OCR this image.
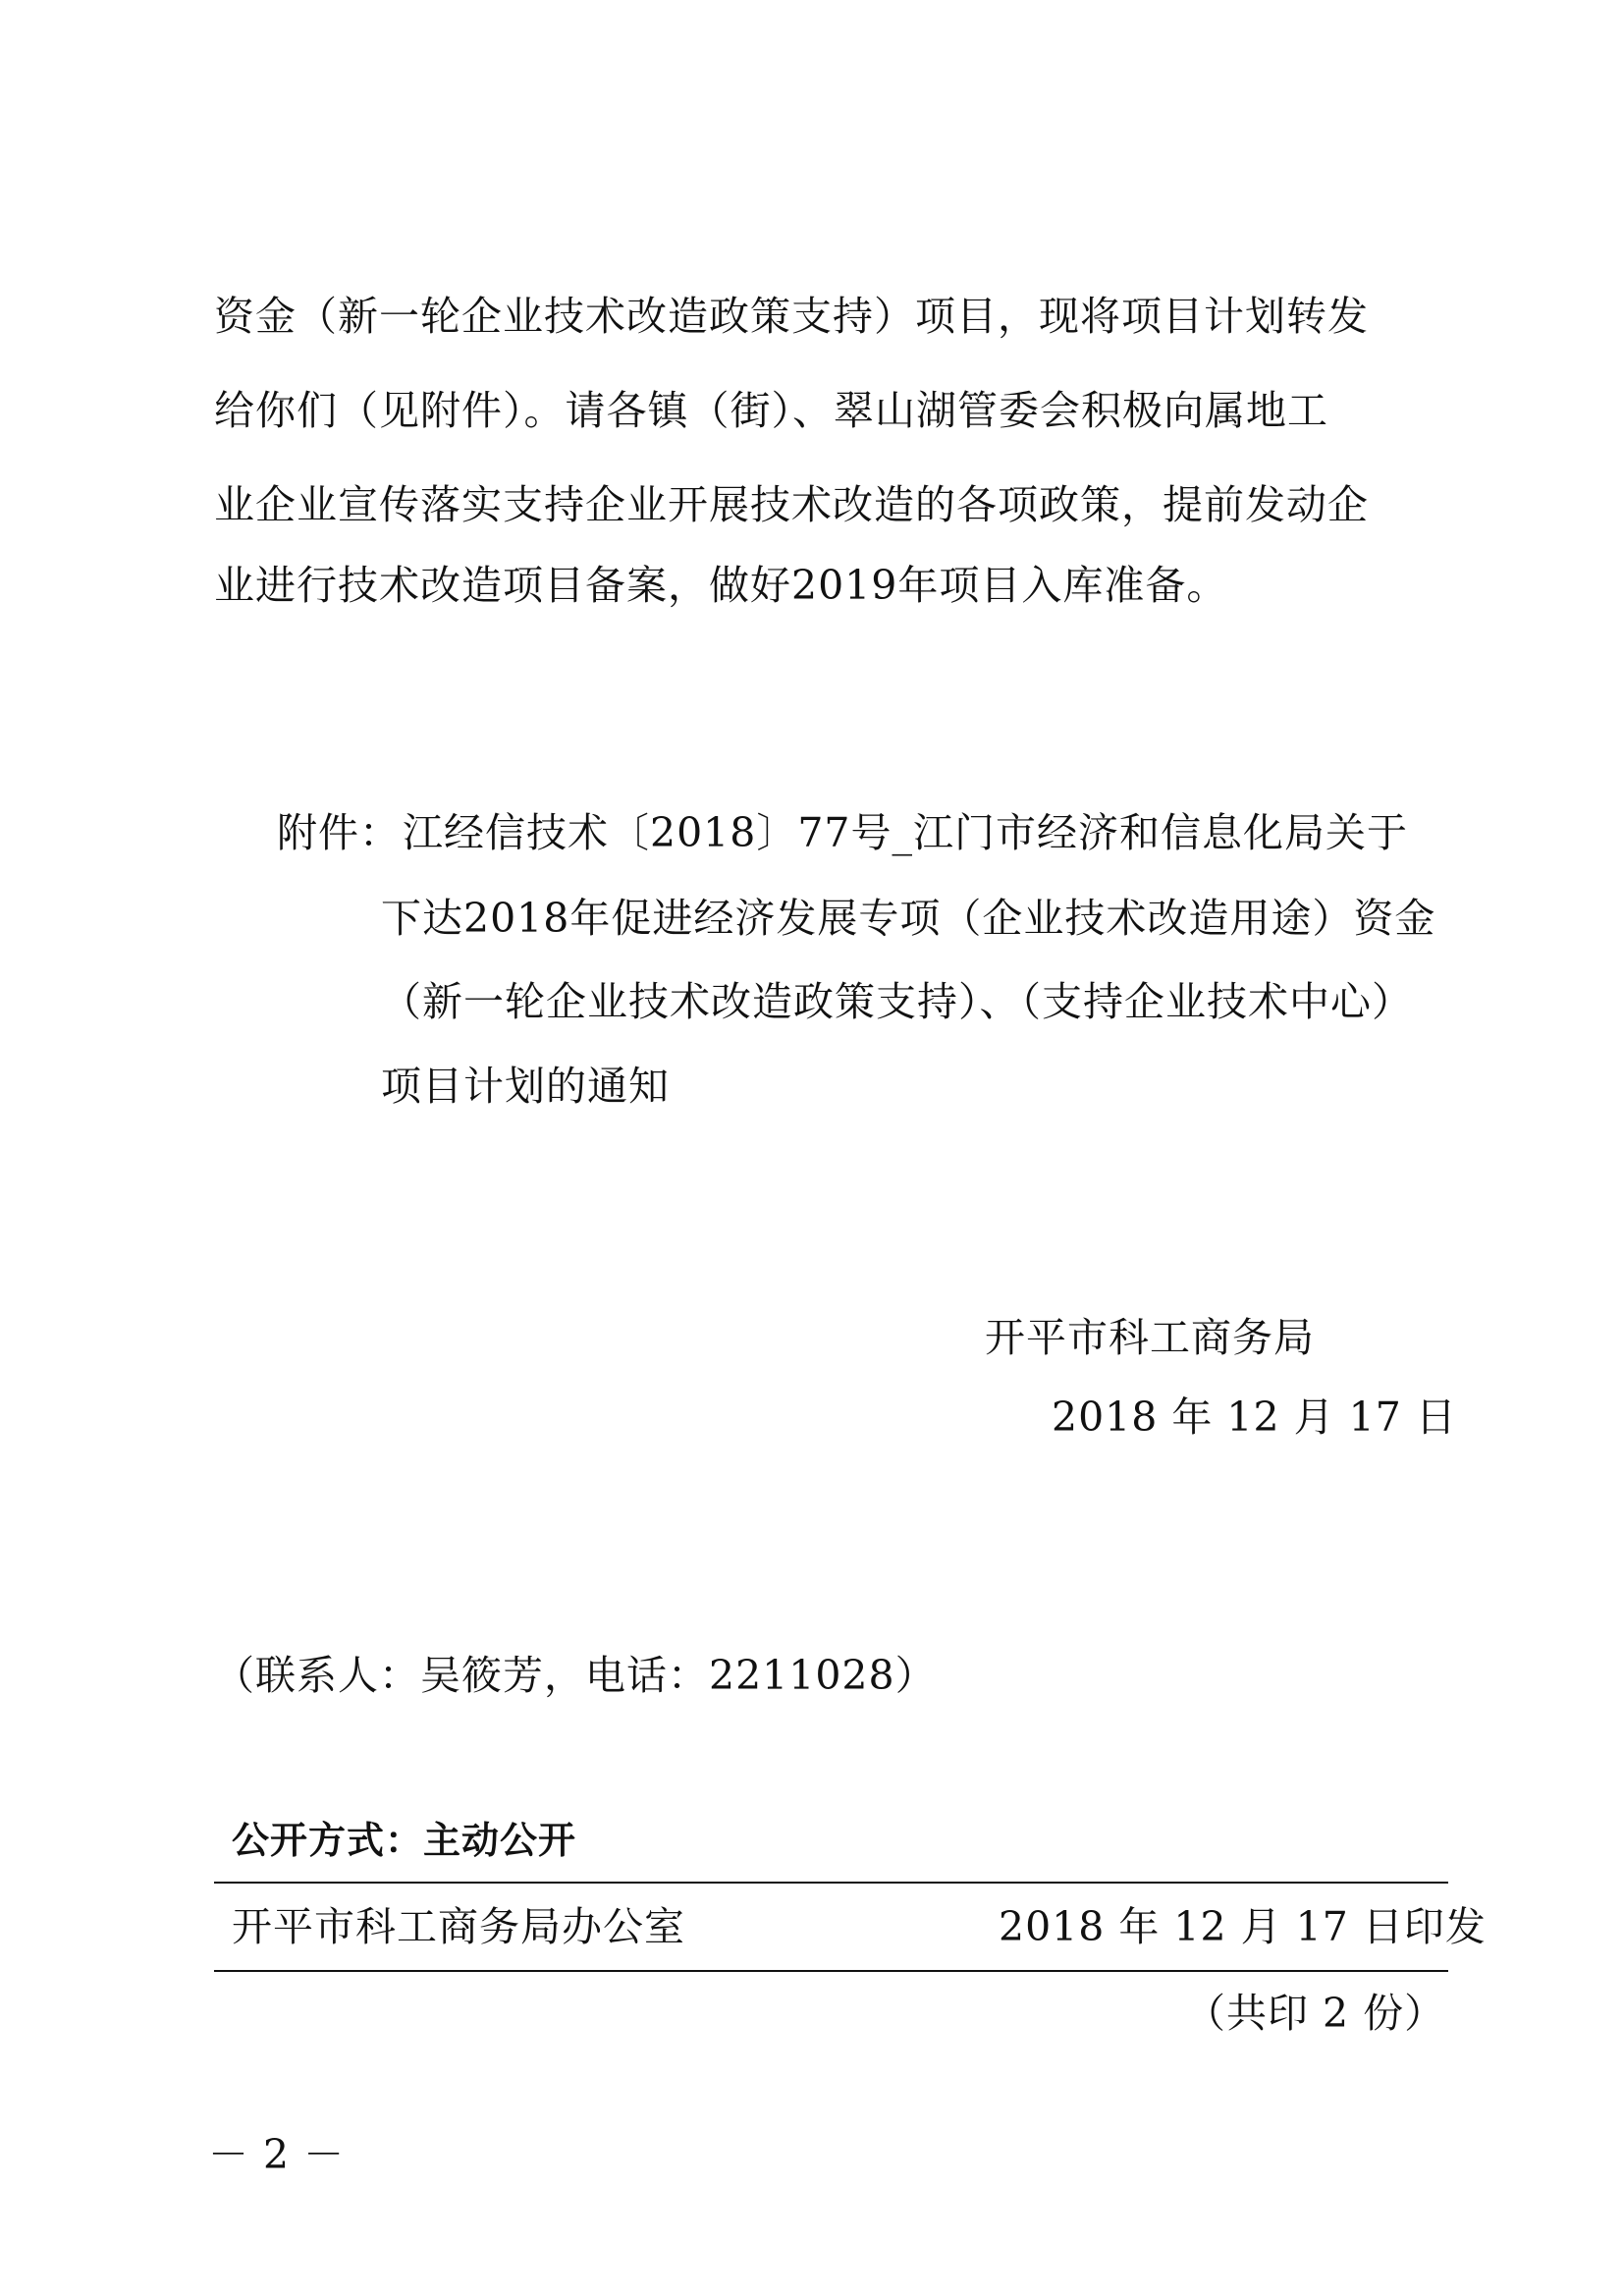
资金（新一轮企业技术改造政策支持）项目，现将项目计划转发
给你们（见附件）。请各镇（街）、翠山湖管委会积极向属地工
业企业宣传落实支持企业开展技术改造的各项政策，提前发动企
业进行技术改造项目备案，做好2019年项目入库准备。
附件： 江经信技术〔2018〕77号_江门市经济和信息化局关于
下达2018年促进经济发展专项（企业技术改造用途）资金
（新一轮企业技术改造政策支持）、（支持企业技术中心）
项目计划的通知
开平市科工商务局
2018 年 12 月 17 日
（联系人：吴筱芳，电话：2211028）
公开方式：主动公开
开平市科工商务局办公室	2018 年 12 月 17 日印发
（共印 2 份）
－ 2 －
